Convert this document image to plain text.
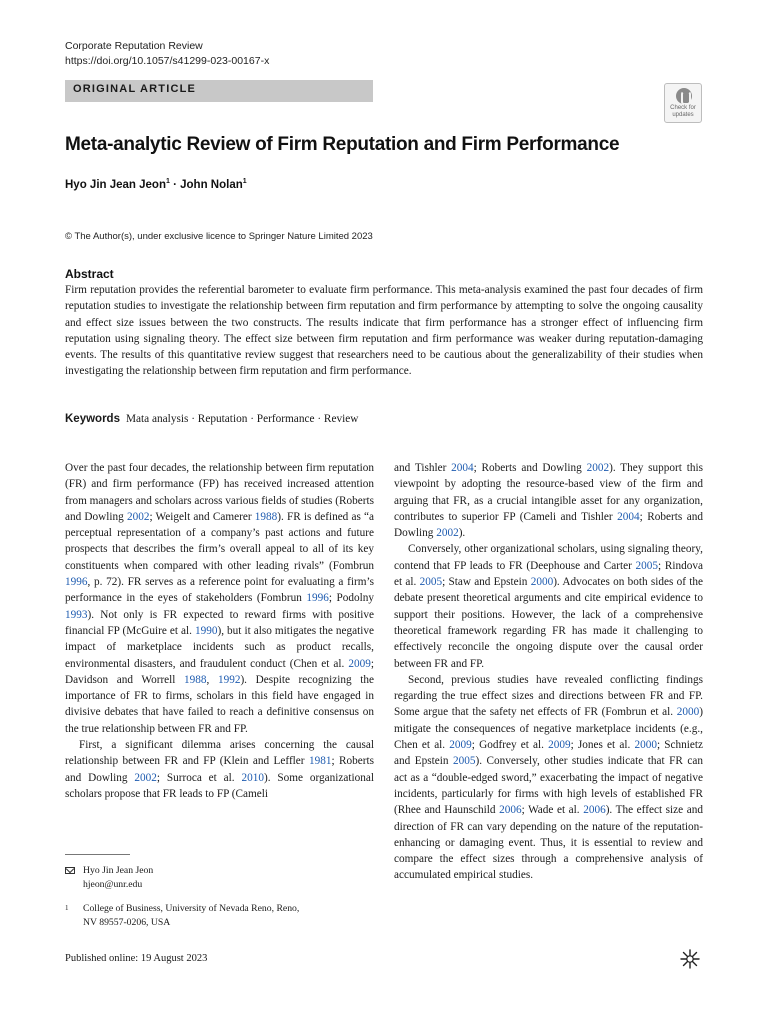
Corporate Reputation Review
https://doi.org/10.1057/s41299-023-00167-x
ORIGINAL ARTICLE
Check for
updates
Meta-analytic Review of Firm Reputation and Firm Performance
Hyo Jin Jean Jeon$^1$ · John Nolan$^1$
© The Author(s), under exclusive licence to Springer Nature Limited 2023
Abstract
Firm reputation provides the referential barometer to evaluate firm performance. This meta-analysis examined the past four decades of firm reputation studies to investigate the relationship between firm reputation and firm performance by attempting to solve the ongoing causality and effect size issues between the two constructs. The results indicate that firm performance has a stronger effect of influencing firm reputation using signaling theory. The effect size between firm reputation and firm performance was weaker during reputation-damaging events. The results of this quantitative review suggest that researchers need to be cautious about the generalizability of their studies when investigating the relationship between firm reputation and firm performance.
Keywords Mata analysis · Reputation · Performance · Review

Over the past four decades, the relationship between firm reputation (FR) and firm performance (FP) has received increased attention from managers and scholars across various fields of studies (Roberts and Dowling 2002; Weigelt and Camerer 1988). FR is defined as “a perceptual representation of a company’s past actions and future prospects that describes the firm’s overall appeal to all of its key constituents when compared with other leading rivals” (Fombrun 1996, p. 72). FR serves as a reference point for evaluating a firm’s performance in the eyes of stakeholders (Fombrun 1996; Podolny 1993). Not only is FR expected to reward firms with positive financial FP (McGuire et al. 1990), but it also mitigates the negative impact of marketplace incidents such as product recalls, environmental disasters, and fraudulent conduct (Chen et al. 2009; Davidson and Worrell 1988, 1992). Despite recognizing the importance of FR to firms, scholars in this field have engaged in divisive debates that have failed to reach a definitive consensus on the true relationship between FR and FP.

First, a significant dilemma arises concerning the causal relationship between FR and FP (Klein and Leffler 1981; Roberts and Dowling 2002; Surroca et al. 2010). Some organizational scholars propose that FR leads to FP (Cameli

and Tishler 2004; Roberts and Dowling 2002). They support this viewpoint by adopting the resource-based view of the firm and arguing that FR, as a crucial intangible asset for any organization, contributes to superior FP (Cameli and Tishler 2004; Roberts and Dowling 2002).

Conversely, other organizational scholars, using signaling theory, contend that FP leads to FR (Deephouse and Carter 2005; Rindova et al. 2005; Staw and Epstein 2000). Advocates on both sides of the debate present theoretical arguments and cite empirical evidence to support their positions. However, the lack of a comprehensive theoretical framework regarding FR has made it challenging to effectively reconcile the ongoing dispute over the causal order between FR and FP.

Second, previous studies have revealed conflicting findings regarding the true effect sizes and directions between FR and FP. Some argue that the safety net effects of FR (Fombrun et al. 2000) mitigate the consequences of negative marketplace incidents (e.g., Chen et al. 2009; Godfrey et al. 2009; Jones et al. 2000; Schnietz and Epstein 2005). Conversely, other studies indicate that FR can act as a “double-edged sword,” exacerbating the impact of negative incidents, particularly for firms with high levels of established FR (Rhee and Haunschild 2006; Wade et al. 2006). The effect size and direction of FR can vary depending on the nature of the reputation-enhancing or damaging event. Thus, it is essential to review and compare the effect sizes through a comprehensive analysis of accumulated empirical studies.

Hyo Jin Jean Jeon
hjeon@unr.edu
1 College of Business, University of Nevada Reno, Reno,
NV 89557-0206, USA
Published online: 19 August 2023
